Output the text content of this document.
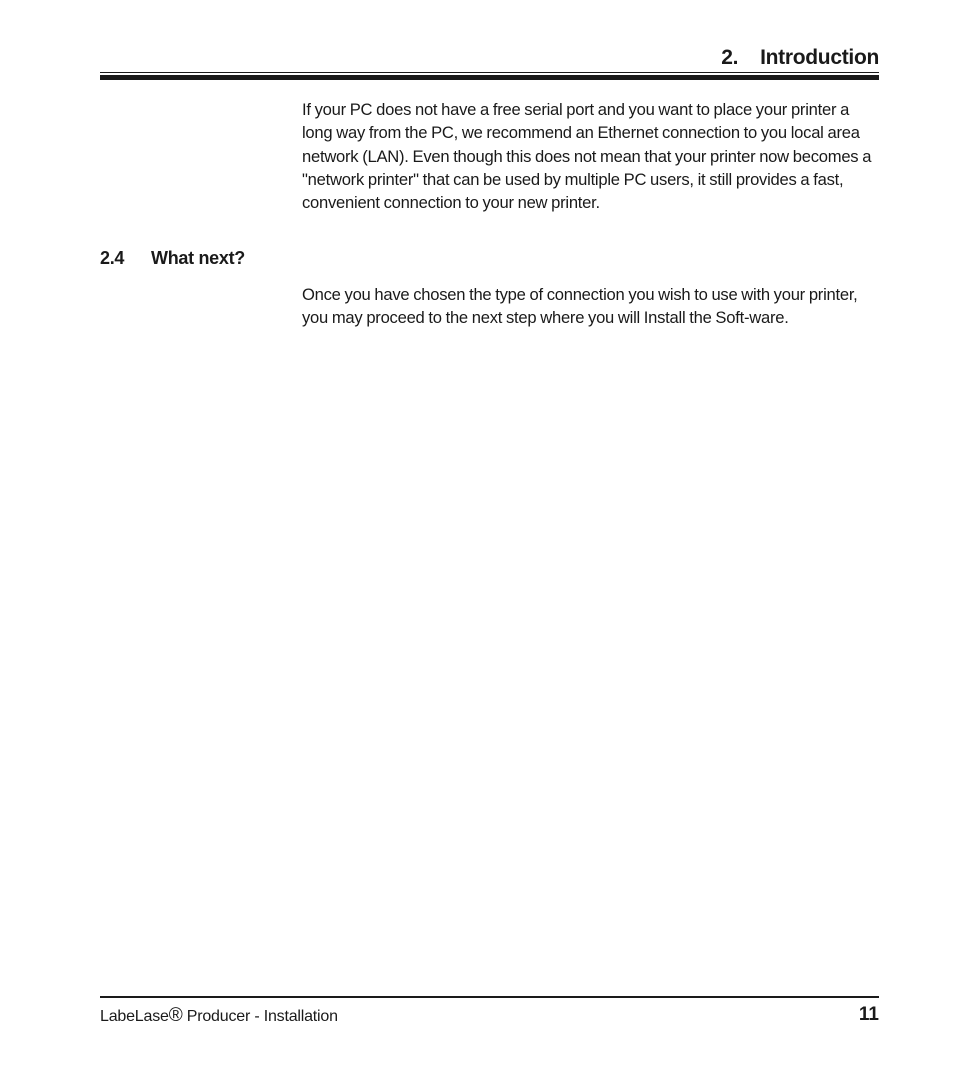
2. Introduction

If your PC does not have a free serial port and you want to place your printer a long way from the PC, we recommend an Ethernet connection to you local area network (LAN). Even though this does not mean that your printer now becomes a "network printer" that can be used by multiple PC users, it still provides a fast, convenient connection to your new printer.

2.4 What next?

Once you have chosen the type of connection you wish to use with your printer, you may proceed to the next step where you will Install the Soft-ware.

LabeLase® Producer - Installation	11
